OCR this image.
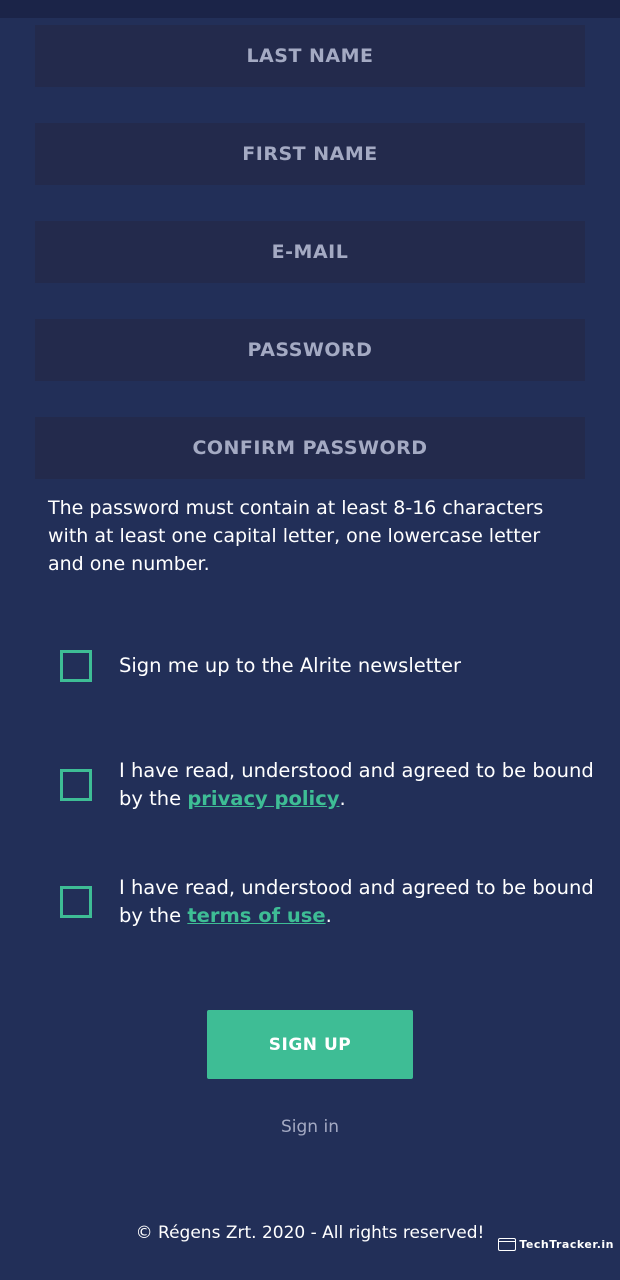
LAST NAME
FIRST NAME
E-MAIL
The password must contain at least 8-16 characters with at least one capital letter, one lowercase letter and one number.
Sign me up to the Alrite newsletter
I have read, understood and agreed to be bound by the privacy policy.
I have read, understood and agreed to be bound by the terms of use.
SIGN UP
Sign in
© Régens Zrt. 2020 - All rights reserved!
TechTracker.in
